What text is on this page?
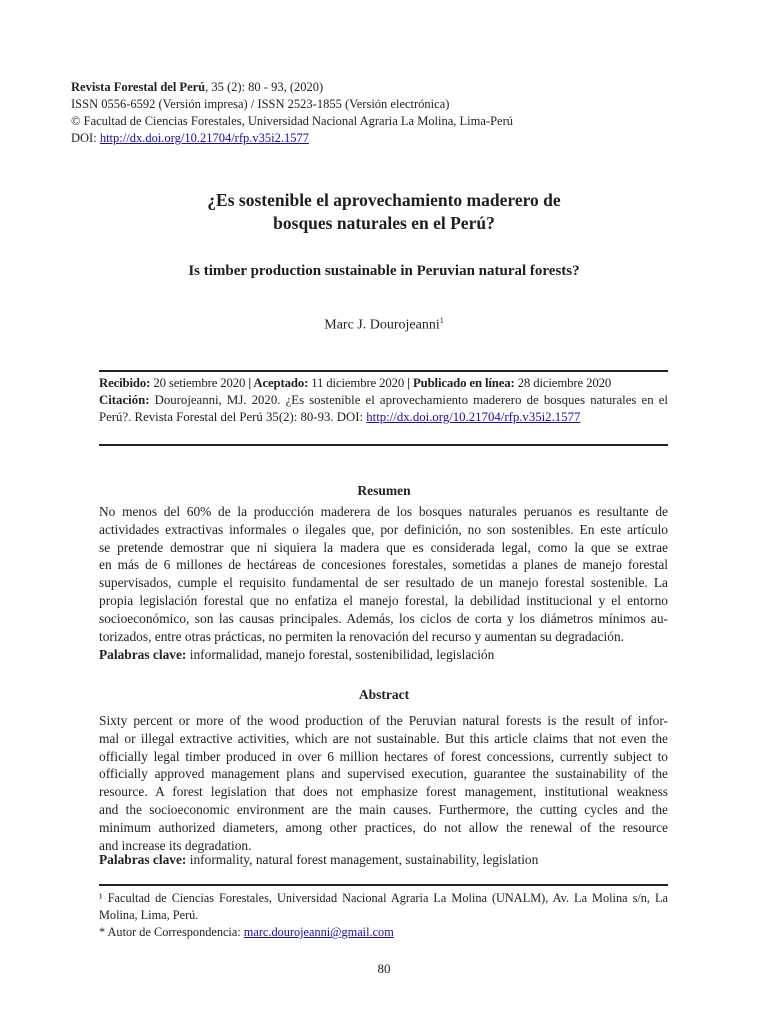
Revista Forestal del Perú, 35 (2): 80 - 93, (2020)
ISSN 0556-6592 (Versión impresa) / ISSN 2523-1855 (Versión electrónica)
© Facultad de Ciencias Forestales, Universidad Nacional Agraria La Molina, Lima-Perú
DOI: http://dx.doi.org/10.21704/rfp.v35i2.1577
¿Es sostenible el aprovechamiento maderero de
bosques naturales en el Perú?
Is timber production sustainable in Peruvian natural forests?
Marc J. Dourojeanni$^1$
Recibido: 20 setiembre 2020 | Aceptado: 11 diciembre 2020 | Publicado en línea: 28 diciembre 2020
Citación: Dourojeanni, MJ. 2020. ¿Es sostenible el aprovechamiento maderero de bosques naturales en el Perú?. Revista Forestal del Perú 35(2): 80-93. DOI: http://dx.doi.org/10.21704/rfp.v35i2.1577
Resumen
No menos del 60% de la producción maderera de los bosques naturales peruanos es resultante de
actividades extractivas informales o ilegales que, por definición, no son sostenibles. En este artículo
se pretende demostrar que ni siquiera la madera que es considerada legal, como la que se extrae
en más de 6 millones de hectáreas de concesiones forestales, sometidas a planes de manejo forestal
supervisados, cumple el requisito fundamental de ser resultado de un manejo forestal sostenible. La
propia legislación forestal que no enfatiza el manejo forestal, la debilidad institucional y el entorno
socioeconómico, son las causas principales. Además, los ciclos de corta y los diámetros mínimos au-
torizados, entre otras prácticas, no permiten la renovación del recurso y aumentan su degradación.
Palabras clave: informalidad, manejo forestal, sostenibilidad, legislación
Abstract
Sixty percent or more of the wood production of the Peruvian natural forests is the result of infor-
mal or illegal extractive activities, which are not sustainable. But this article claims that not even the
officially legal timber produced in over 6 million hectares of forest concessions, currently subject to
officially approved management plans and supervised execution, guarantee the sustainability of the
resource. A forest legislation that does not emphasize forest management, institutional weakness
and the socioeconomic environment are the main causes. Furthermore, the cutting cycles and the
minimum authorized diameters, among other practices, do not allow the renewal of the resource
and increase its degradation.
Palabras clave: informality, natural forest management, sustainability, legislation
¹ Facultad de Ciencias Forestales, Universidad Nacional Agraria La Molina (UNALM), Av. La Molina s/n, La Molina, Lima, Perú.
* Autor de Correspondencia: marc.dourojeanni@gmail.com
80
